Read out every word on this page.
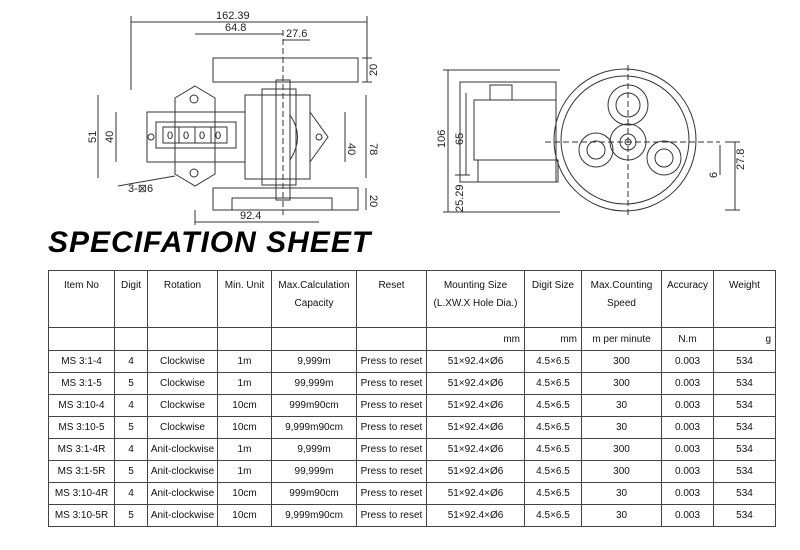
0 0 0 0
162.39
64.8	27.6
20
51 40
40 78
20
92.4
3-⊠6
106 65
25.29
6
27.8
SPECIFATION SHEET
Item No	Digit	Rotation	Min. Unit	Max.Calculation Capacity	Reset	Mounting Size (L.XW.X Hole Dia.)	Digit Size	Max.Counting Speed	Accuracy	Weight
						mm	mm	m per minute	N.m	g
MS 3:1-4	4	Clockwise	1m	9,999m	Press to reset	51×92.4×Ø6	4.5×6.5	300	0.003	534
MS 3:1-5	5	Clockwise	1m	99,999m	Press to reset	51×92.4×Ø6	4.5×6.5	300	0.003	534
MS 3:10-4	4	Clockwise	10cm	999m90cm	Press to reset	51×92.4×Ø6	4.5×6.5	30	0.003	534
MS 3:10-5	5	Clockwise	10cm	9,999m90cm	Press to reset	51×92.4×Ø6	4.5×6.5	30	0.003	534
MS 3:1-4R	4	Anit-clockwise	1m	9,999m	Press to reset	51×92.4×Ø6	4.5×6.5	300	0.003	534
MS 3:1-5R	5	Anit-clockwise	1m	99,999m	Press to reset	51×92.4×Ø6	4.5×6.5	300	0.003	534
MS 3:10-4R	4	Anit-clockwise	10cm	999m90cm	Press to reset	51×92.4×Ø6	4.5×6.5	30	0.003	534
MS 3:10-5R	5	Anit-clockwise	10cm	9,999m90cm	Press to reset	51×92.4×Ø6	4.5×6.5	30	0.003	534
